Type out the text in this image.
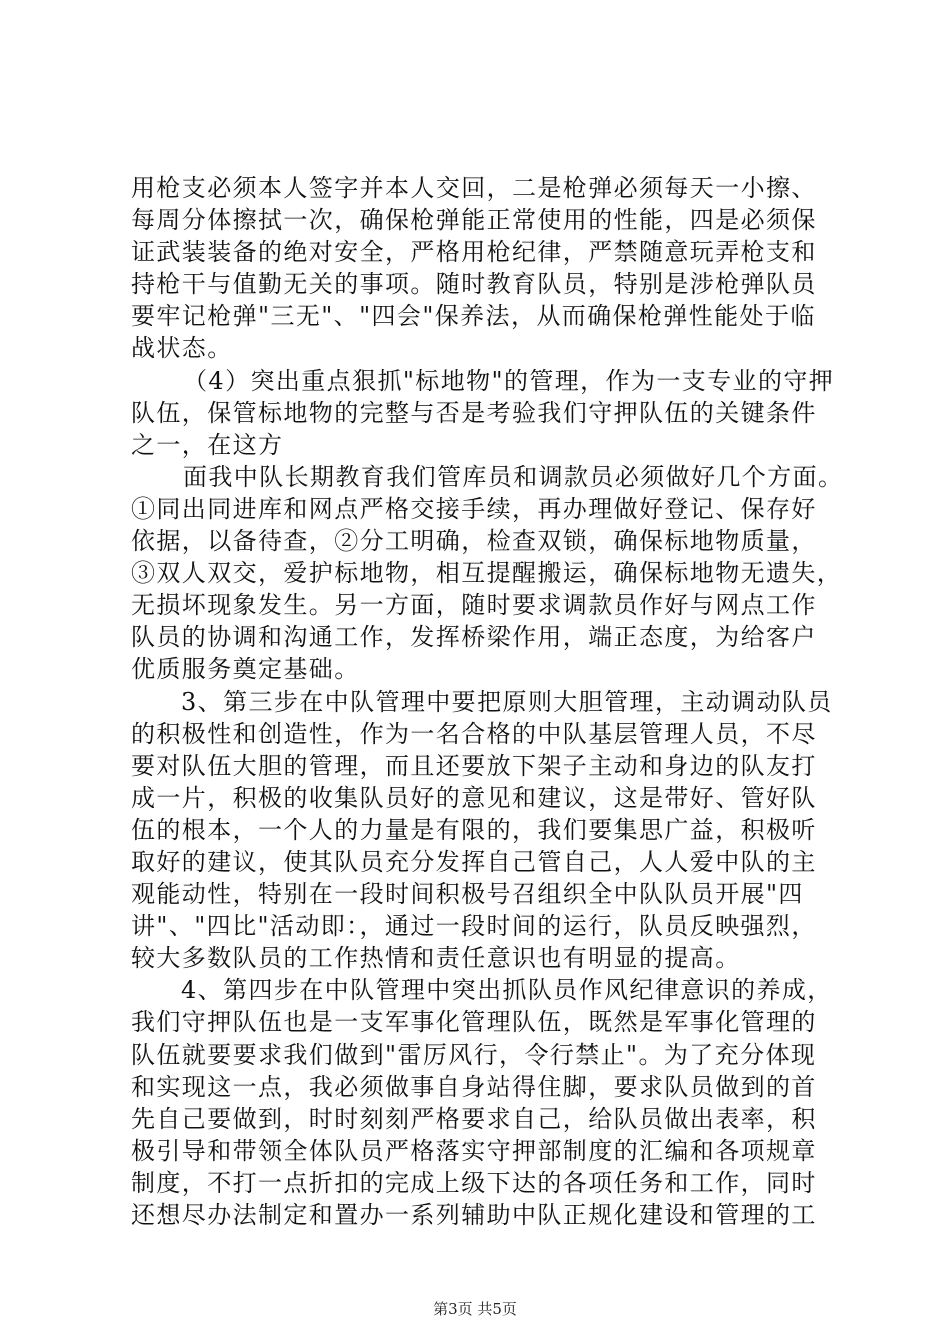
用枪支必须本人签字并本人交回，二是枪弹必须每天一小擦、
每周分体擦拭一次，确保枪弹能正常使用的性能，四是必须保
证武装装备的绝对安全，严格用枪纪律，严禁随意玩弄枪支和
持枪干与值勤无关的事项。随时教育队员，特别是涉枪弹队员
要牢记枪弹"三无"、"四会"保养法，从而确保枪弹性能处于临
战状态。
（4）突出重点狠抓"标地物"的管理，作为一支专业的守押
队伍，保管标地物的完整与否是考验我们守押队伍的关键条件
之一，在这方
面我中队长期教育我们管库员和调款员必须做好几个方面。
①同出同进库和网点严格交接手续，再办理做好登记、保存好
依据，以备待查，②分工明确，检查双锁，确保标地物质量，
③双人双交，爱护标地物，相互提醒搬运，确保标地物无遗失，
无损坏现象发生。另一方面，随时要求调款员作好与网点工作
队员的协调和沟通工作，发挥桥梁作用，端正态度，为给客户
优质服务奠定基础。
3、第三步在中队管理中要把原则大胆管理，主动调动队员
的积极性和创造性，作为一名合格的中队基层管理人员，不尽
要对队伍大胆的管理，而且还要放下架子主动和身边的队友打
成一片，积极的收集队员好的意见和建议，这是带好、管好队
伍的根本，一个人的力量是有限的，我们要集思广益，积极听
取好的建议，使其队员充分发挥自己管自己，人人爱中队的主
观能动性，特别在一段时间积极号召组织全中队队员开展"四
讲"、"四比"活动即：，通过一段时间的运行，队员反映强烈，
较大多数队员的工作热情和责任意识也有明显的提高。
4、第四步在中队管理中突出抓队员作风纪律意识的养成，
我们守押队伍也是一支军事化管理队伍，既然是军事化管理的
队伍就要要求我们做到"雷厉风行，令行禁止"。为了充分体现
和实现这一点，我必须做事自身站得住脚，要求队员做到的首
先自己要做到，时时刻刻严格要求自己，给队员做出表率，积
极引导和带领全体队员严格落实守押部制度的汇编和各项规章
制度，不打一点折扣的完成上级下达的各项任务和工作，同时
还想尽办法制定和置办一系列辅助中队正规化建设和管理的工
第3页 共5页
